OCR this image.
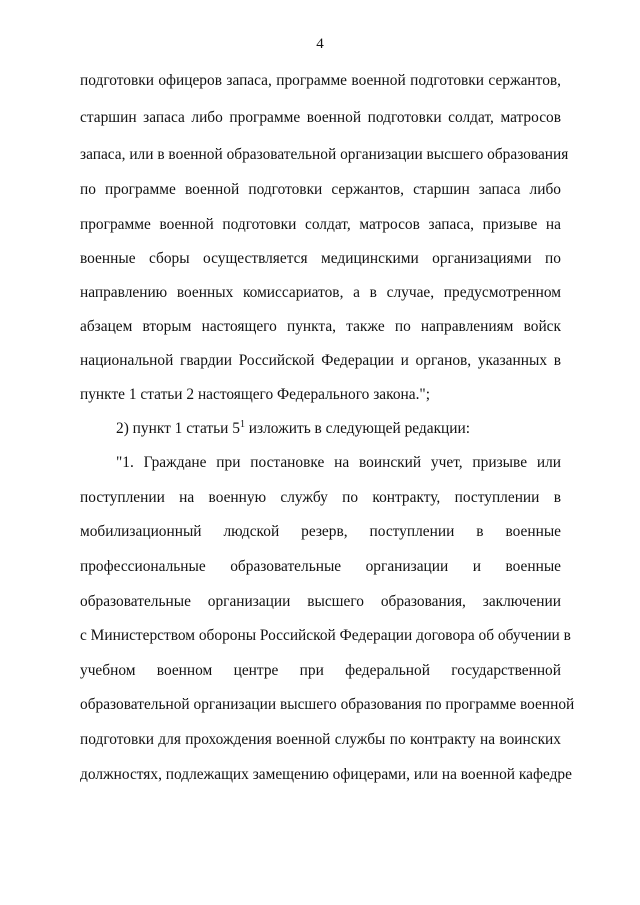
4
подготовки офицеров запаса, программе военной подготовки сержантов,
старшин запаса либо программе военной подготовки солдат, матросов
запаса, или в военной образовательной организации высшего образования
по программе военной подготовки сержантов, старшин запаса либо
программе военной подготовки солдат, матросов запаса, призыве на
военные сборы осуществляется медицинскими организациями по
направлению военных комиссариатов, а в случае, предусмотренном
абзацем вторым настоящего пункта, также по направлениям войск
национальной гвардии Российской Федерации и органов, указанных в
пункте 1 статьи 2 настоящего Федерального закона.";
2) пункт 1 статьи $5^1$ изложить в следующей редакции:
"1. Граждане при постановке на воинский учет, призыве или
поступлении на военную службу по контракту, поступлении в
мобилизационный людской резерв, поступлении в военные
профессиональные образовательные организации и военные
образовательные организации высшего образования, заключении
с Министерством обороны Российской Федерации договора об обучении в
учебном военном центре при федеральной государственной
образовательной организации высшего образования по программе военной
подготовки для прохождения военной службы по контракту на воинских
должностях, подлежащих замещению офицерами, или на военной кафедре
